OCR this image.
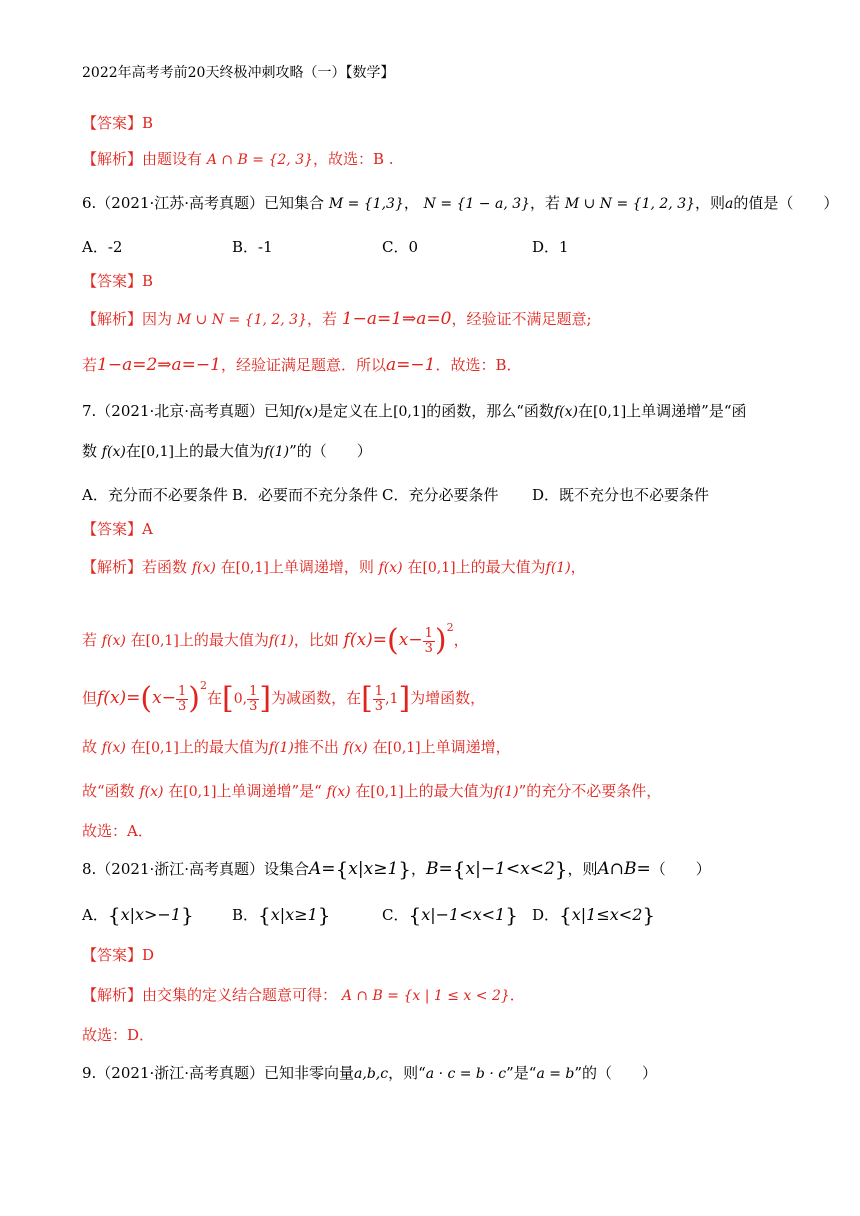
2022年高考考前20天终极冲刺攻略（一）【数学】
【答案】B
【解析】由题设有 A ∩ B = {2, 3}，故选：B .
6.（2021·江苏·高考真题）已知集合 M = {1,3}， N = {1 − a, 3}，若 M ∪ N = {1, 2, 3}，则a的值是（　　）
A．-2	B．-1	C．0	D．1
【答案】B
【解析】因为 M ∪ N = {1, 2, 3}，若 1−a=1⇒a=0，经验证不满足题意;
若1−a=2⇒a=−1，经验证满足题意．所以a=−1．故选：B．
7.（2021·北京·高考真题）已知f(x)是定义在上[0,1]的函数，那么“函数f(x)在[0,1]上单调递增”是“函
数 f(x)在[0,1]上的最大值为f(1)”的（　　）
A．充分而不必要条件 B．必要而不充分条件 C．充分必要条件 D．既不充分也不必要条件
【答案】A
【解析】若函数 f(x) 在[0,1]上单调递增，则 f(x) 在[0,1]上的最大值为f(1)，
若 f(x) 在[0,1]上的最大值为f(1)，比如 $f(x)=(x- \frac{1}{3} )^2$，
但$f(x)=(x- \frac{1}{3} )^2$在[0, $\frac{1}{3}$ ]为减函数，在[ $\frac{1}{3} ,1$]为增函数，
故 f(x) 在[0,1]上的最大值为f(1)推不出 f(x) 在[0,1]上单调递增，
故“函数 f(x) 在[0,1]上单调递增”是“ f(x) 在[0,1]上的最大值为f(1)”的充分不必要条件，
故选：A．
8.（2021·浙江·高考真题）设集合A={x|x≥1}，B={x|−1<x<2}，则A∩B=（　　）
A．{x|x>−1}	B．{x|x≥1}	C．{x|−1<x<1} D．{x|1≤x<2}
【答案】D
【解析】由交集的定义结合题意可得： A ∩ B = {x | 1 ≤ x < 2}．
故选：D．
9.（2021·浙江·高考真题）已知非零向量a,b,c，则“a · c = b · c”是“a = b”的（　　）
